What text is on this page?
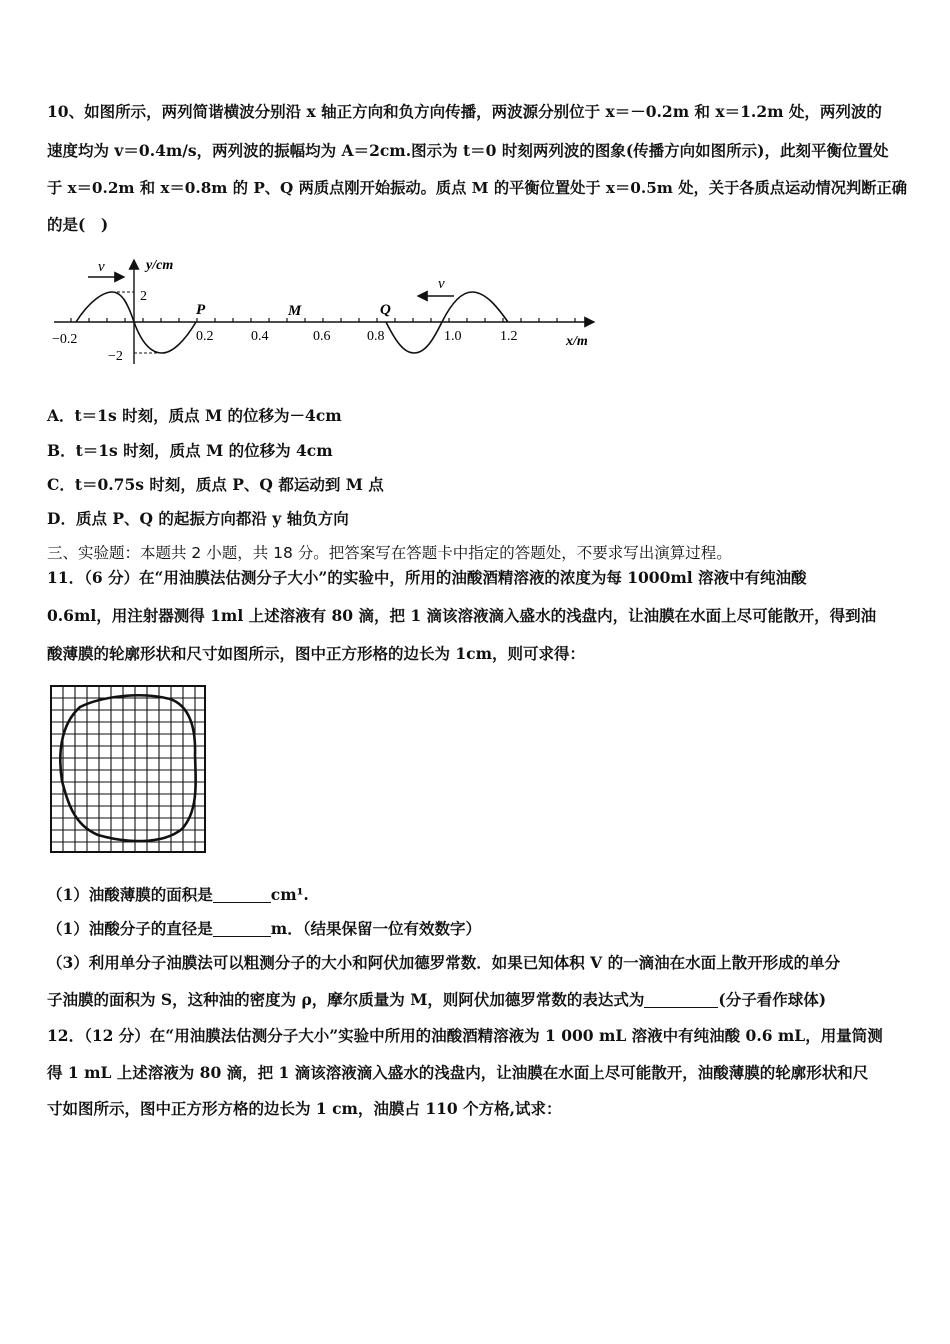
10、如图所示，两列简谐横波分别沿 x 轴正方向和负方向传播，两波源分别位于 x＝－0.2m 和 x＝1.2m 处，两列波的
速度均为 v＝0.4m/s，两列波的振幅均为 A＝2cm.图示为 t＝0 时刻两列波的图象(传播方向如图所示)，此刻平衡位置处
于 x＝0.2m 和 x＝0.8m 的 P、Q 两质点刚开始振动。质点 M 的平衡位置处于 x＝0.5m 处，关于各质点运动情况判断正确
的是(　)
v
v
y/cm
2
−2
x/m
P	M	Q
−0.2	0.2	0.4	0.6	0.8	1.0	1.2
A．t＝1s 时刻，质点 M 的位移为－4cm
B．t＝1s 时刻，质点 M 的位移为 4cm
C．t＝0.75s 时刻，质点 P、Q 都运动到 M 点
D．质点 P、Q 的起振方向都沿 y 轴负方向
三、实验题：本题共 2 小题，共 18 分。把答案写在答题卡中指定的答题处，不要求写出演算过程。
11．（6 分）在“用油膜法估测分子大小”的实验中，所用的油酸酒精溶液的浓度为每 1000ml 溶液中有纯油酸
0.6ml，用注射器测得 1ml 上述溶液有 80 滴，把 1 滴该溶液滴入盛水的浅盘内，让油膜在水面上尽可能散开，得到油
酸薄膜的轮廓形状和尺寸如图所示，图中正方形格的边长为 1cm，则可求得：
（1）油酸薄膜的面积是	cm¹.
（1）油酸分子的直径是	m．（结果保留一位有效数字）
（3）利用单分子油膜法可以粗测分子的大小和阿伏加德罗常数．如果已知体积 V 的一滴油在水面上散开形成的单分
子油膜的面积为 S，这种油的密度为 ρ，摩尔质量为 M，则阿伏加德罗常数的表达式为	(分子看作球体)
12．（12 分）在“用油膜法估测分子大小”实验中所用的油酸酒精溶液为 1 000 mL 溶液中有纯油酸 0.6 mL，用量筒测
得 1 mL 上述溶液为 80 滴，把 1 滴该溶液滴入盛水的浅盘内，让油膜在水面上尽可能散开，油酸薄膜的轮廓形状和尺
寸如图所示，图中正方形方格的边长为 1 cm，油膜占 110 个方格,试求：
